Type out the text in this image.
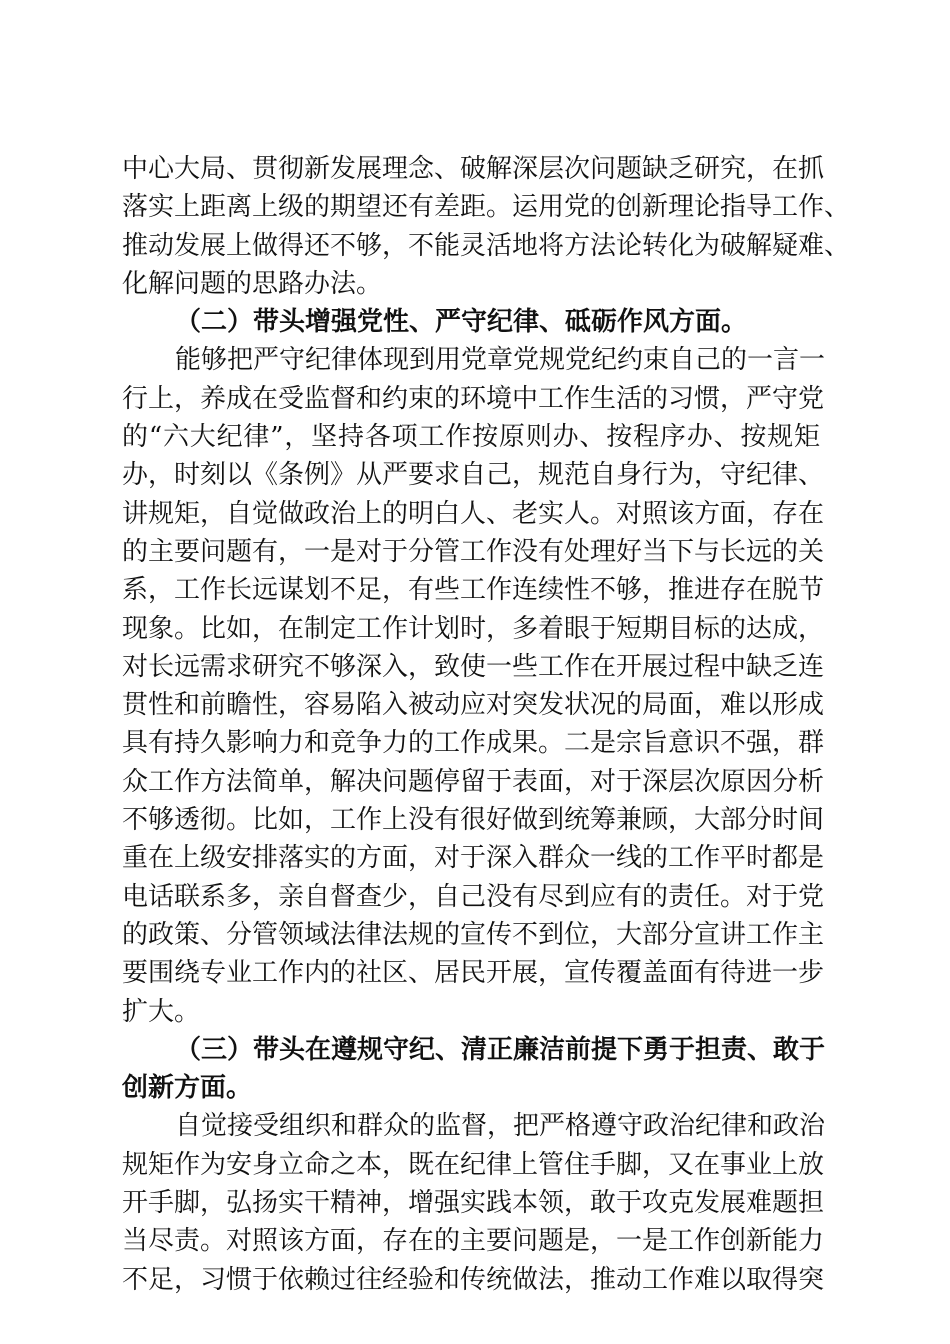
中心大局、贯彻新发展理念、破解深层次问题缺乏研究，在抓
落实上距离上级的期望还有差距。运用党的创新理论指导工作、
推动发展上做得还不够，不能灵活地将方法论转化为破解疑难、
化解问题的思路办法。
（二）带头增强党性、严守纪律、砥砺作风方面。
能够把严守纪律体现到用党章党规党纪约束自己的一言一
行上，养成在受监督和约束的环境中工作生活的习惯，严守党
的“六大纪律”，坚持各项工作按原则办、按程序办、按规矩
办，时刻以《条例》从严要求自己，规范自身行为，守纪律、
讲规矩，自觉做政治上的明白人、老实人。对照该方面，存在
的主要问题有，一是对于分管工作没有处理好当下与长远的关
系，工作长远谋划不足，有些工作连续性不够，推进存在脱节
现象。比如，在制定工作计划时，多着眼于短期目标的达成，
对长远需求研究不够深入，致使一些工作在开展过程中缺乏连
贯性和前瞻性，容易陷入被动应对突发状况的局面，难以形成
具有持久影响力和竞争力的工作成果。二是宗旨意识不强，群
众工作方法简单，解决问题停留于表面，对于深层次原因分析
不够透彻。比如，工作上没有很好做到统筹兼顾，大部分时间
重在上级安排落实的方面，对于深入群众一线的工作平时都是
电话联系多，亲自督查少，自己没有尽到应有的责任。对于党
的政策、分管领域法律法规的宣传不到位，大部分宣讲工作主
要围绕专业工作内的社区、居民开展，宣传覆盖面有待进一步
扩大。
（三）带头在遵规守纪、清正廉洁前提下勇于担责、敢于
创新方面。
自觉接受组织和群众的监督，把严格遵守政治纪律和政治
规矩作为安身立命之本，既在纪律上管住手脚，又在事业上放
开手脚，弘扬实干精神，增强实践本领，敢于攻克发展难题担
当尽责。对照该方面，存在的主要问题是，一是工作创新能力
不足，习惯于依赖过往经验和传统做法，推动工作难以取得突
